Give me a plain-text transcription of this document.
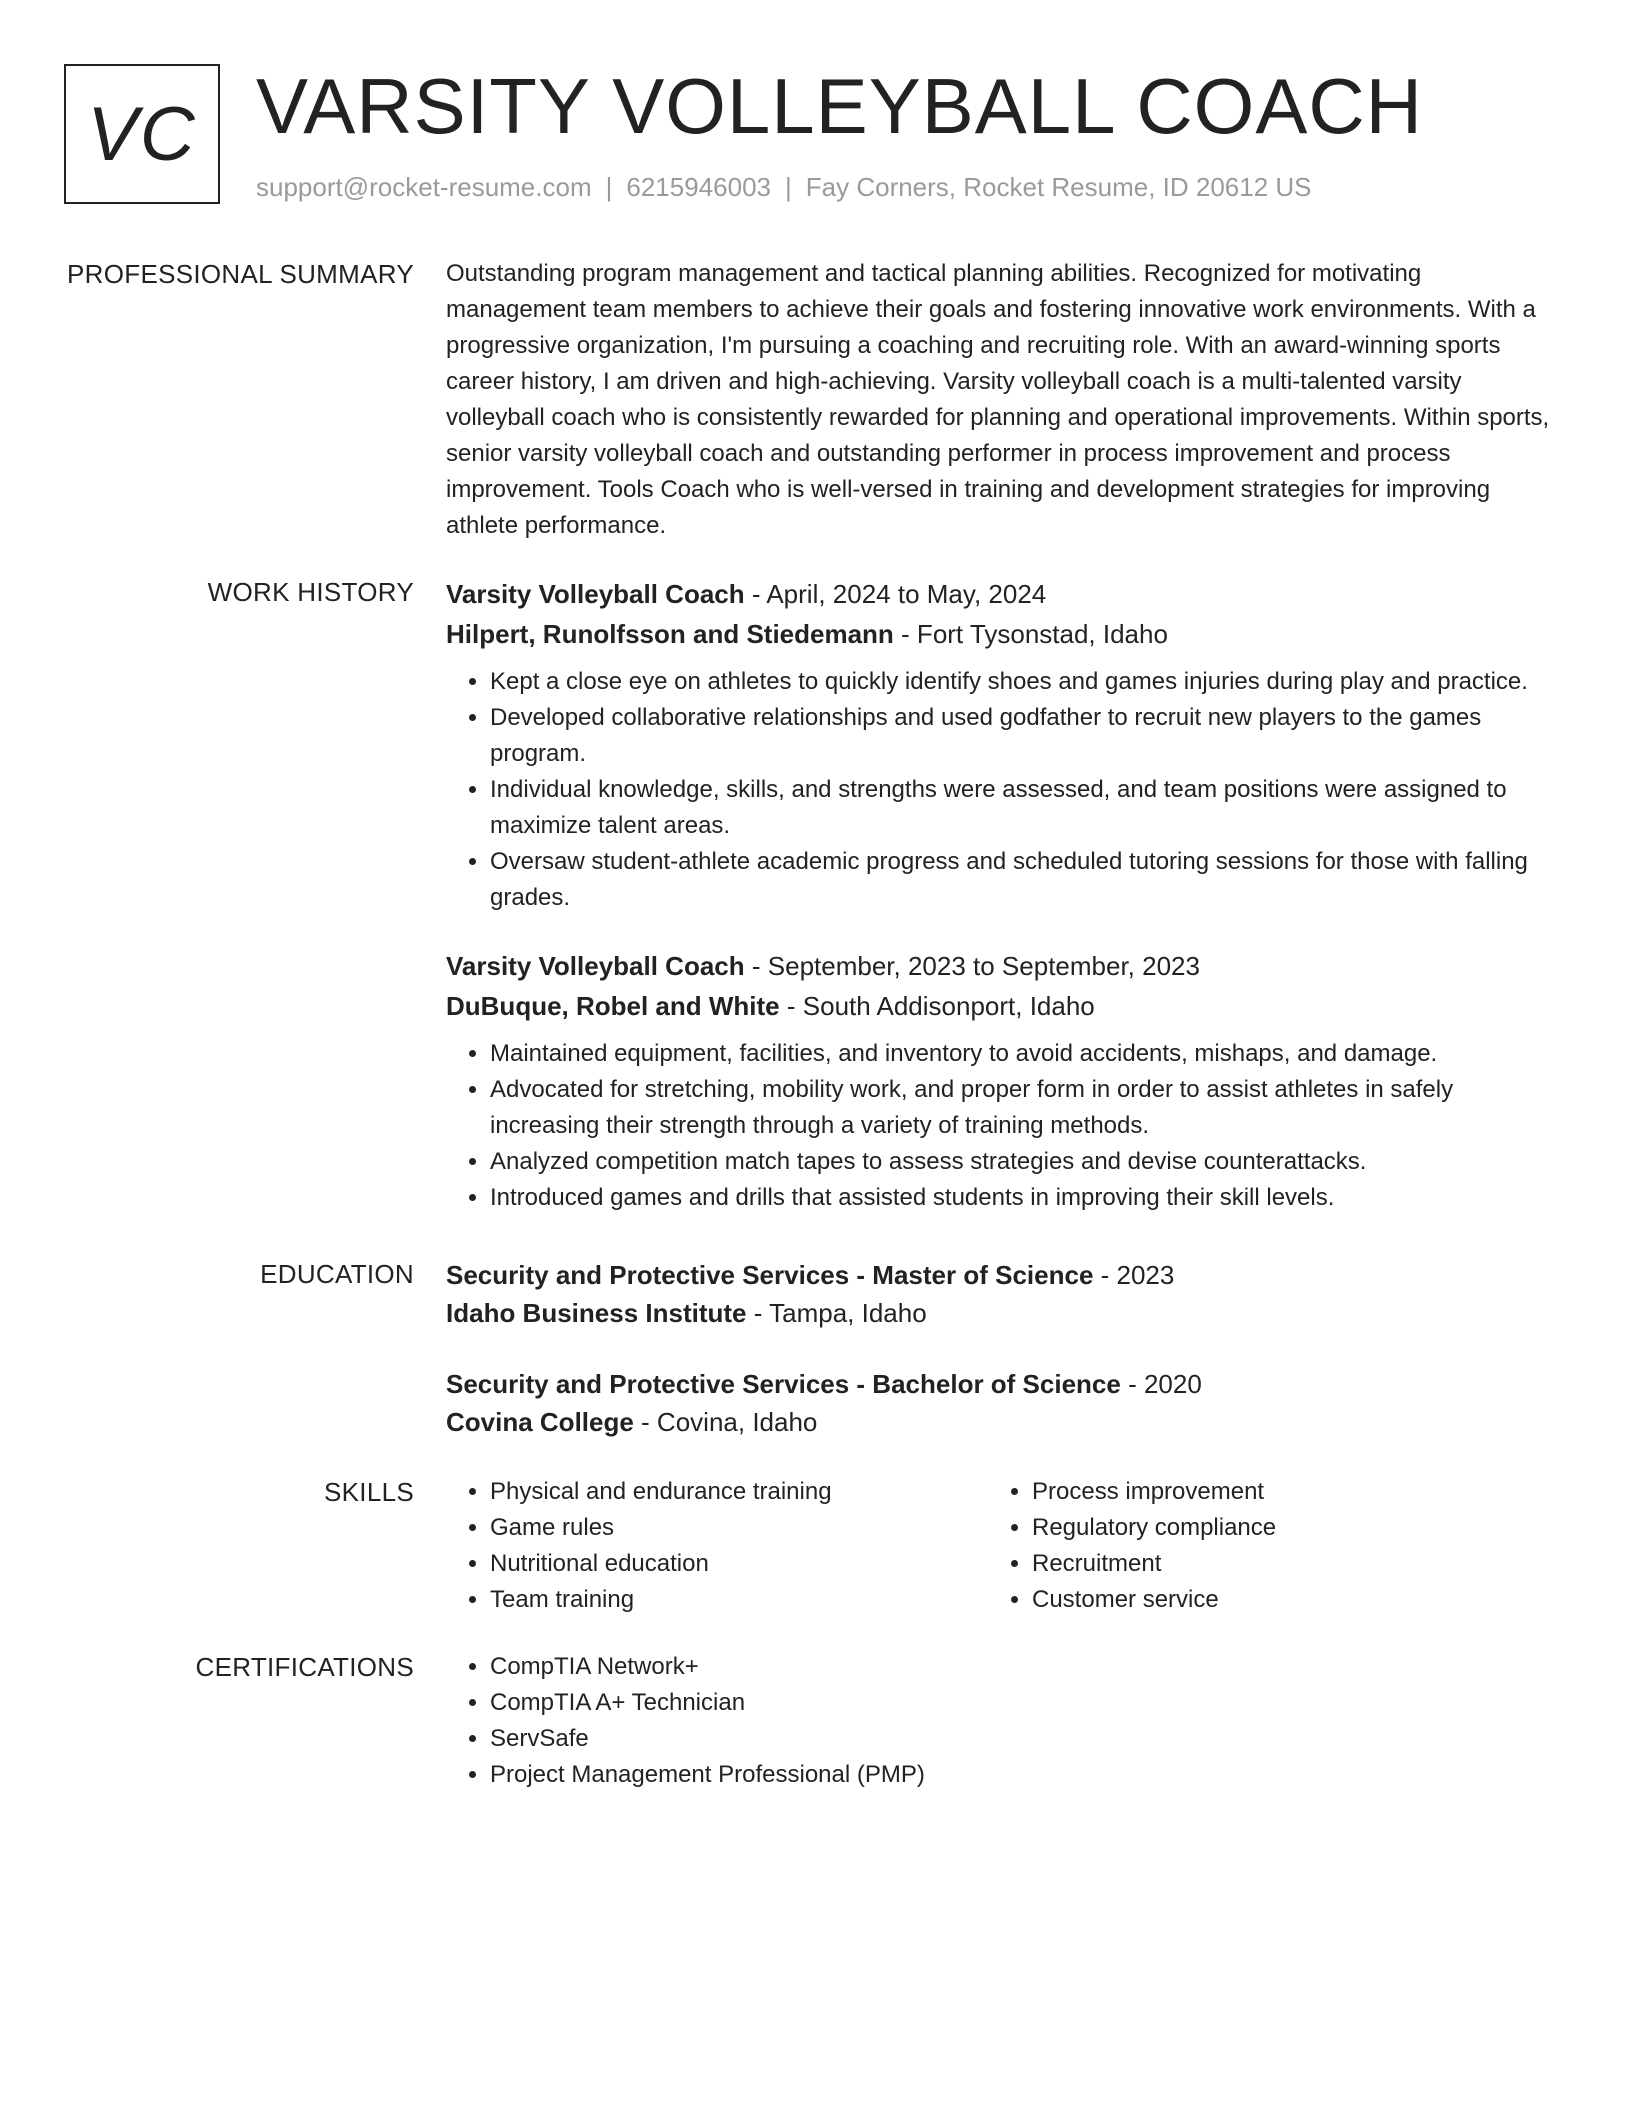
VC VARSITY VOLLEYBALL COACH
support@rocket-resume.com | 6215946003 | Fay Corners, Rocket Resume, ID 20612 US
PROFESSIONAL SUMMARY Outstanding program management and tactical planning abilities. Recognized for motivating management team members to achieve their goals and fostering innovative work environments. With a progressive organization, I'm pursuing a coaching and recruiting role. With an award-winning sports career history, I am driven and high-achieving. Varsity volleyball coach is a multi-talented varsity volleyball coach who is consistently rewarded for planning and operational improvements. Within sports, senior varsity volleyball coach and outstanding performer in process improvement and process improvement. Tools Coach who is well-versed in training and development strategies for improving athlete performance.

WORK HISTORY Varsity Volleyball Coach - April, 2024 to May, 2024
Hilpert, Runolfsson and Stiedemann - Fort Tysonstad, Idaho
• Kept a close eye on athletes to quickly identify shoes and games injuries during play and practice.
• Developed collaborative relationships and used godfather to recruit new players to the games program.
• Individual knowledge, skills, and strengths were assessed, and team positions were assigned to maximize talent areas.
• Oversaw student-athlete academic progress and scheduled tutoring sessions for those with falling grades.
Varsity Volleyball Coach - September, 2023 to September, 2023
DuBuque, Robel and White - South Addisonport, Idaho
• Maintained equipment, facilities, and inventory to avoid accidents, mishaps, and damage.
• Advocated for stretching, mobility work, and proper form in order to assist athletes in safely increasing their strength through a variety of training methods.
• Analyzed competition match tapes to assess strategies and devise counterattacks.
• Introduced games and drills that assisted students in improving their skill levels.
EDUCATION Security and Protective Services - Master of Science - 2023
Idaho Business Institute - Tampa, Idaho
Security and Protective Services - Bachelor of Science - 2020
Covina College - Covina, Idaho
SKILLS	• Physical and endurance training
• Game rules
• Nutritional education
• Team training
• Process improvement
• Regulatory compliance
• Recruitment
• Customer service
CERTIFICATIONS	• CompTIA Network+
• CompTIA A+ Technician
• ServSafe
• Project Management Professional (PMP)
